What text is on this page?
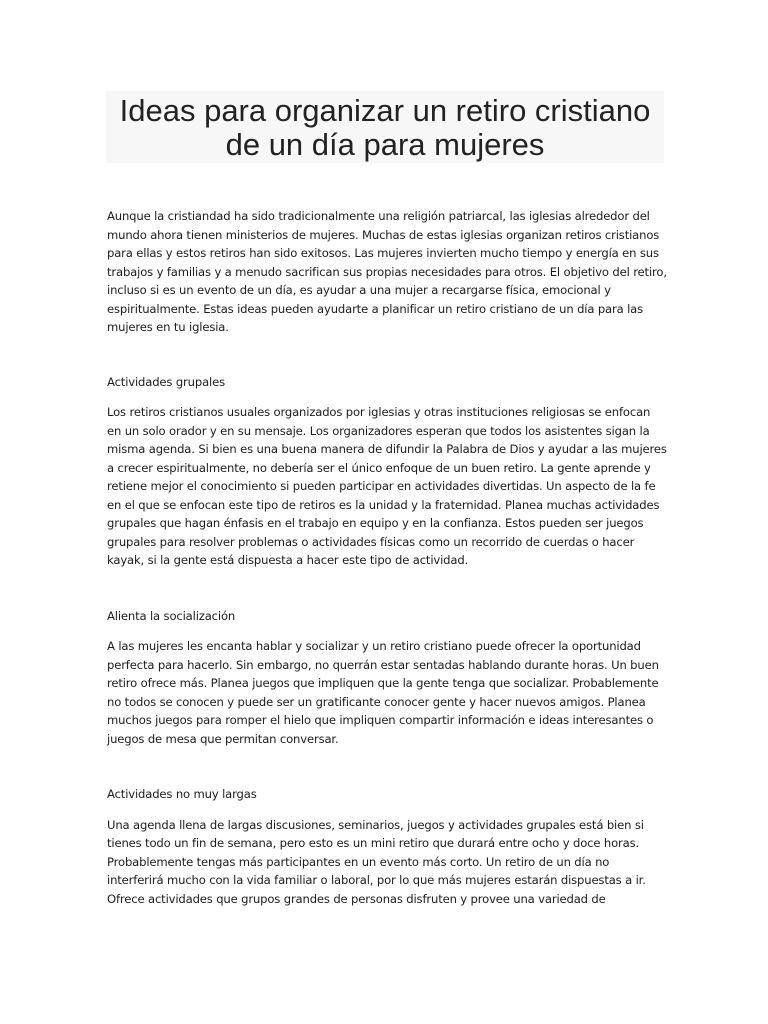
Ideas para organizar un retiro cristiano de un día para mujeres

Aunque la cristiandad ha sido tradicionalmente una religión patriarcal, las iglesias alrededor del mundo ahora tienen ministerios de mujeres. Muchas de estas iglesias organizan retiros cristianos para ellas y estos retiros han sido exitosos. Las mujeres invierten mucho tiempo y energía en sus trabajos y familias y a menudo sacrifican sus propias necesidades para otros. El objetivo del retiro, incluso si es un evento de un día, es ayudar a una mujer a recargarse física, emocional y espiritualmente. Estas ideas pueden ayudarte a planificar un retiro cristiano de un día para las mujeres en tu iglesia.

Actividades grupales

Los retiros cristianos usuales organizados por iglesias y otras instituciones religiosas se enfocan en un solo orador y en su mensaje. Los organizadores esperan que todos los asistentes sigan la misma agenda. Si bien es una buena manera de difundir la Palabra de Dios y ayudar a las mujeres a crecer espiritualmente, no debería ser el único enfoque de un buen retiro. La gente aprende y retiene mejor el conocimiento si pueden participar en actividades divertidas. Un aspecto de la fe en el que se enfocan este tipo de retiros es la unidad y la fraternidad. Planea muchas actividades grupales que hagan énfasis en el trabajo en equipo y en la confianza. Estos pueden ser juegos grupales para resolver problemas o actividades físicas como un recorrido de cuerdas o hacer kayak, si la gente está dispuesta a hacer este tipo de actividad.

Alienta la socialización

A las mujeres les encanta hablar y socializar y un retiro cristiano puede ofrecer la oportunidad perfecta para hacerlo. Sin embargo, no querrán estar sentadas hablando durante horas. Un buen retiro ofrece más. Planea juegos que impliquen que la gente tenga que socializar. Probablemente no todos se conocen y puede ser un gratificante conocer gente y hacer nuevos amigos. Planea muchos juegos para romper el hielo que impliquen compartir información e ideas interesantes o juegos de mesa que permitan conversar.

Actividades no muy largas

Una agenda llena de largas discusiones, seminarios, juegos y actividades grupales está bien si tienes todo un fin de semana, pero esto es un mini retiro que durará entre ocho y doce horas. Probablemente tengas más participantes en un evento más corto. Un retiro de un día no interferirá mucho con la vida familiar o laboral, por lo que más mujeres estarán dispuestas a ir. Ofrece actividades que grupos grandes de personas disfruten y provee una variedad de
